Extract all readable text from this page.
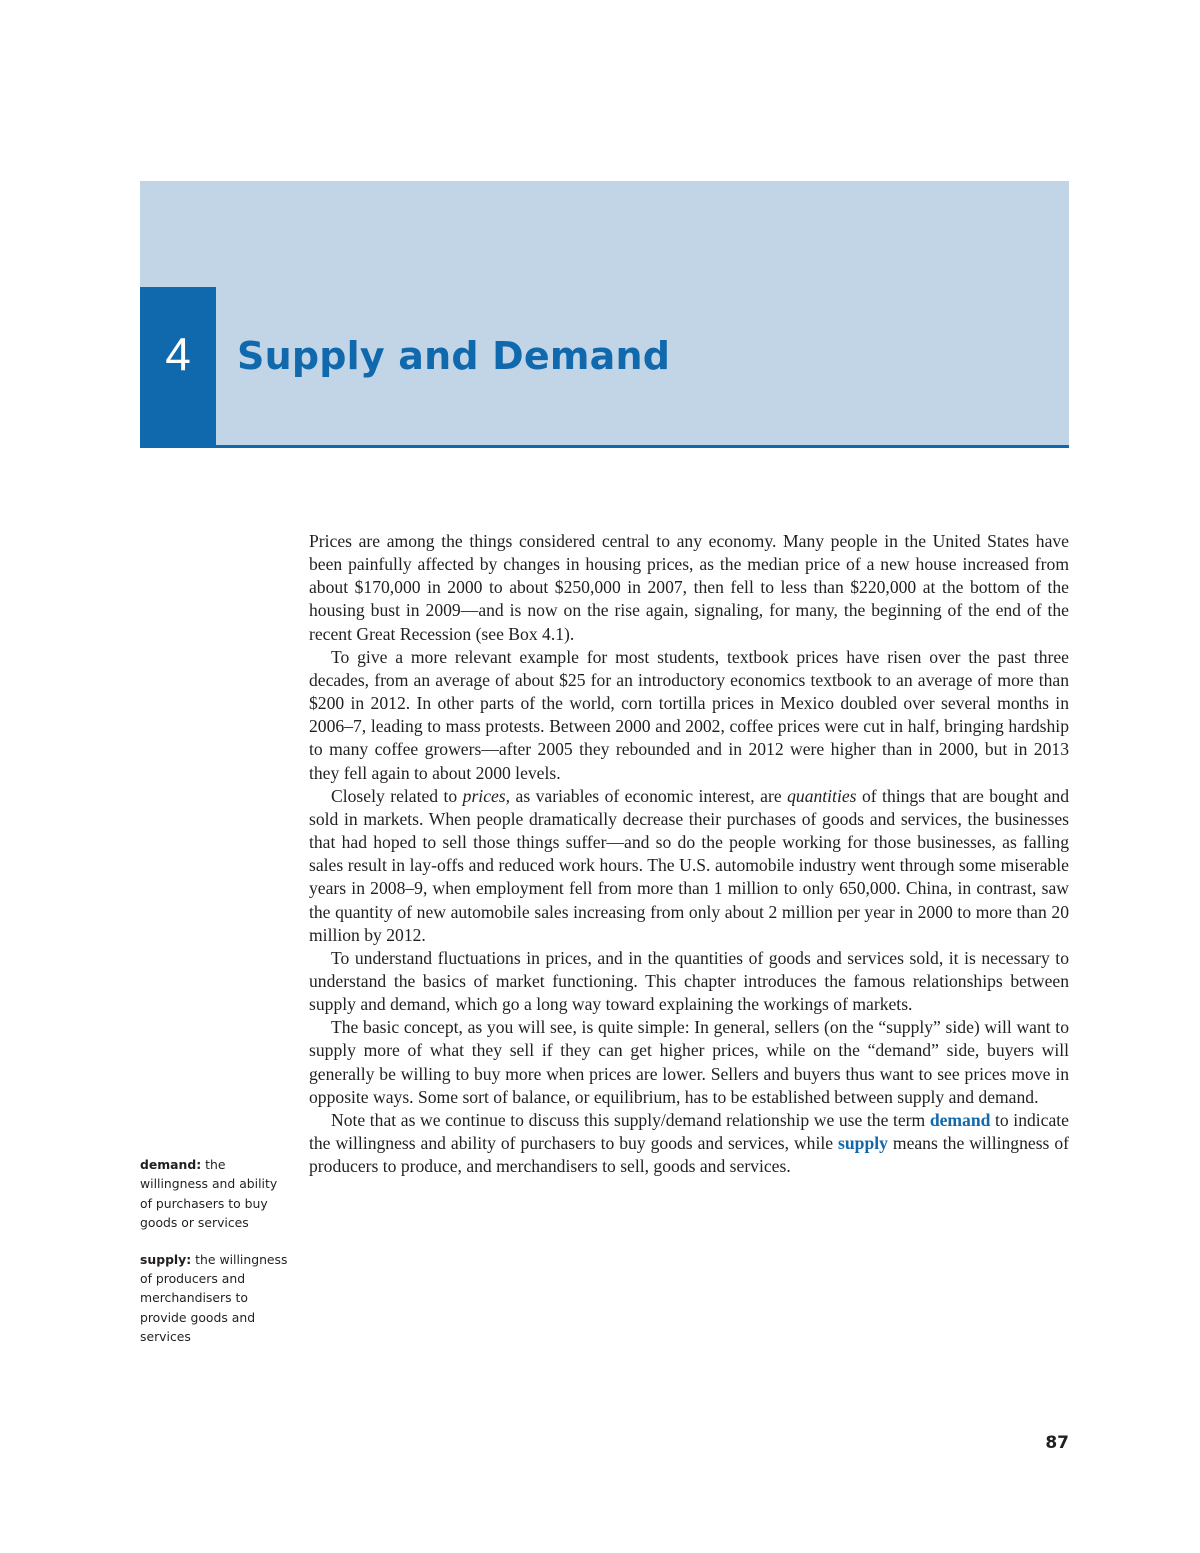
4	Supply and Demand

Prices are among the things considered central to any economy. Many people in the United States have been painfully affected by changes in housing prices, as the median price of a new house increased from about $170,000 in 2000 to about $250,000 in 2007, then fell to less than $220,000 at the bottom of the housing bust in 2009—and is now on the rise again, signaling, for many, the beginning of the end of the recent Great Recession (see Box 4.1).

To give a more relevant example for most students, textbook prices have risen over the past three decades, from an average of about $25 for an introductory economics textbook to an average of more than $200 in 2012. In other parts of the world, corn tortilla prices in Mexico doubled over several months in 2006–7, leading to mass protests. Between 2000 and 2002, coffee prices were cut in half, bringing hardship to many coffee growers—after 2005 they rebounded and in 2012 were higher than in 2000, but in 2013 they fell again to about 2000 levels.

Closely related to prices, as variables of economic interest, are quantities of things that are bought and sold in markets. When people dramatically decrease their purchases of goods and services, the businesses that had hoped to sell those things suffer—and so do the people working for those businesses, as falling sales result in lay-offs and reduced work hours. The U.S. automobile industry went through some miserable years in 2008–9, when employment fell from more than 1 million to only 650,000. China, in contrast, saw the quantity of new automobile sales increasing from only about 2 million per year in 2000 to more than 20 million by 2012.

To understand fluctuations in prices, and in the quantities of goods and services sold, it is necessary to understand the basics of market functioning. This chapter introduces the famous relationships between supply and demand, which go a long way toward explaining the workings of markets.

The basic concept, as you will see, is quite simple: In general, sellers (on the “supply” side) will want to supply more of what they sell if they can get higher prices, while on the “demand” side, buyers will generally be willing to buy more when prices are lower. Sellers and buyers thus want to see prices move in opposite ways. Some sort of balance, or equilibrium, has to be established between supply and demand.

Note that as we continue to discuss this supply/demand relationship we use the term demand to indicate the willingness and ability of purchasers to buy goods and services, while supply means the willingness of producers to produce, and merchandisers to sell, goods and services.

demand: the willingness and ability of purchasers to buy goods or services
supply: the willingness of producers and merchandisers to provide goods and services
87
